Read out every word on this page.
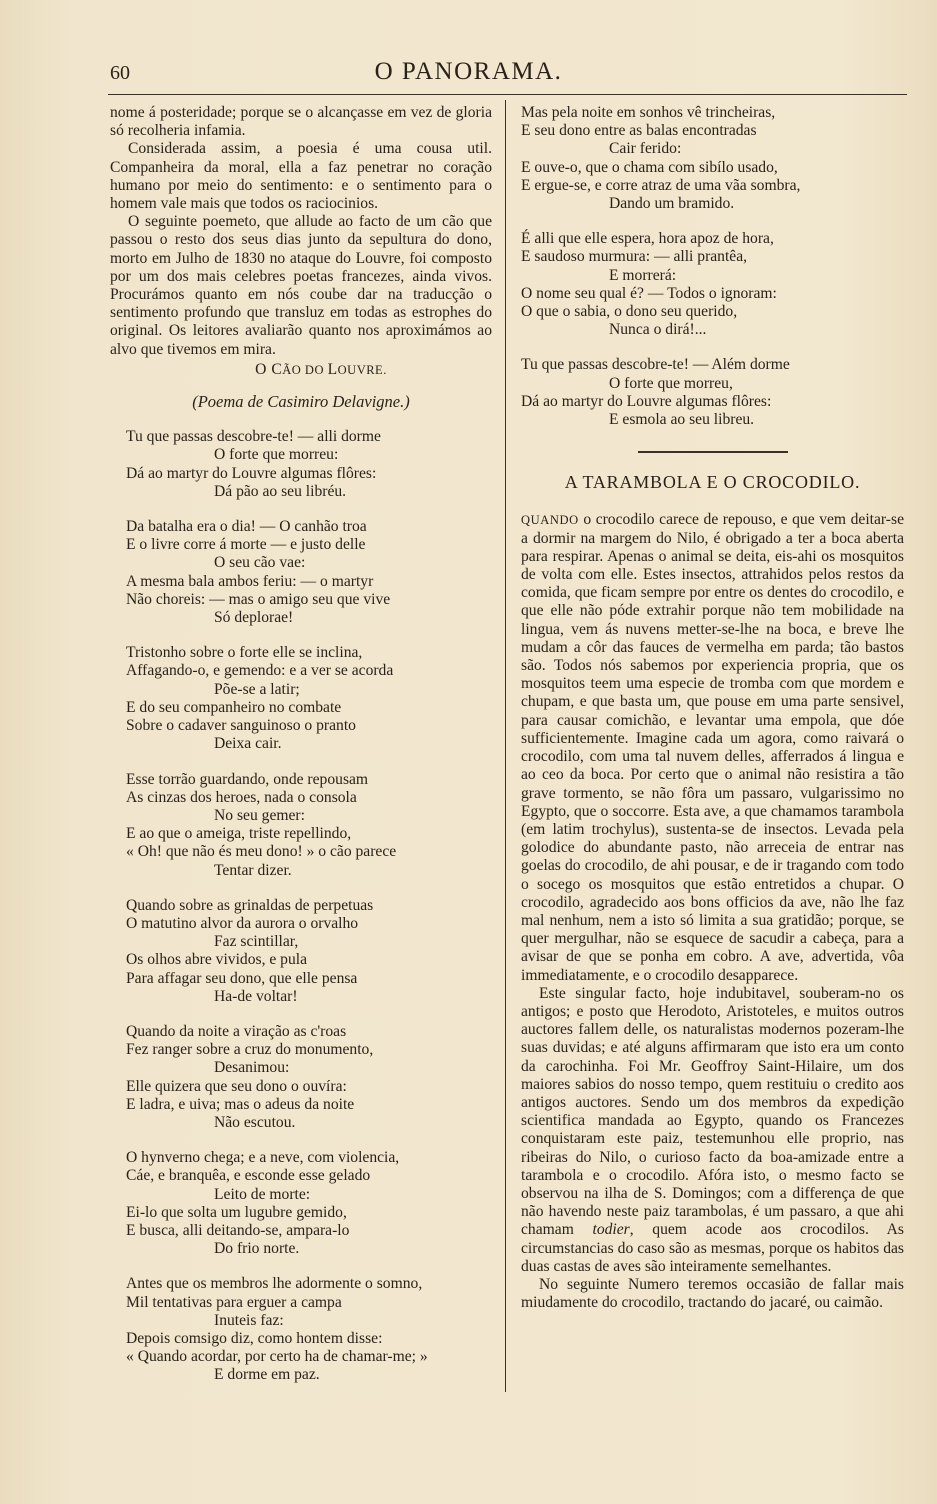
60	O PANORAMA.

nome á posteridade; porque se o alcançasse em vez de gloria só recolheria infamia.

Considerada assim, a poesia é uma cousa util. Companheira da moral, ella a faz penetrar no coração humano por meio do sentimento: e o sentimento para o homem vale mais que todos os raciocinios.

O seguinte poemeto, que allude ao facto de um cão que passou o resto dos seus dias junto da sepultura do dono, morto em Julho de 1830 no ataque do Louvre, foi composto por um dos mais celebres poetas francezes, ainda vivos. Procurámos quanto em nós coube dar na traducção o sentimento profundo que transluz em todas as estrophes do original. Os leitores avaliarão quanto nos aproximámos ao alvo que tivemos em mira.

O CÃO DO LOUVRE.
(Poema de Casimiro Delavigne.)
Tu que passas descobre-te! — alli dorme
O forte que morreu:
Dá ao martyr do Louvre algumas flôres:
Dá pão ao seu libréu.
Da batalha era o dia! — O canhão troa
E o livre corre á morte — e justo delle
O seu cão vae:
A mesma bala ambos feriu: — o martyr
Não choreis: — mas o amigo seu que vive
Só deplorae!
Tristonho sobre o forte elle se inclina,
Affagando-o, e gemendo: e a ver se acorda
Põe-se a latir;
E do seu companheiro no combate
Sobre o cadaver sanguinoso o pranto
Deixa cair.
Esse torrão guardando, onde repousam
As cinzas dos heroes, nada o consola
No seu gemer:
E ao que o ameiga, triste repellindo,
« Oh! que não és meu dono! » o cão parece
Tentar dizer.
Quando sobre as grinaldas de perpetuas
O matutino alvor da aurora o orvalho
Faz scintillar,
Os olhos abre vividos, e pula
Para affagar seu dono, que elle pensa
Ha-de voltar!
Quando da noite a viração as c'roas
Fez ranger sobre a cruz do monumento,
Desanimou:
Elle quizera que seu dono o ouvíra:
E ladra, e uiva; mas o adeus da noite
Não escutou.
O hynverno chega; e a neve, com violencia,
Cáe, e branquêa, e esconde esse gelado
Leito de morte:
Ei-lo que solta um lugubre gemido,
E busca, alli deitando-se, ampara-lo
Do frio norte.
Antes que os membros lhe adormente o somno,
Mil tentativas para erguer a campa
Inuteis faz:
Depois comsigo diz, como hontem disse:
« Quando acordar, por certo ha de chamar-me; »
E dorme em paz.
Mas pela noite em sonhos vê trincheiras,
E seu dono entre as balas encontradas
Cair ferido:
E ouve-o, que o chama com sibílo usado,
E ergue-se, e corre atraz de uma vãa sombra,
Dando um bramido.
É alli que elle espera, hora apoz de hora,
E saudoso murmura: — alli prantêa,
E morrerá:
O nome seu qual é? — Todos o ignoram:
O que o sabia, o dono seu querido,
Nunca o dirá!...
Tu que passas descobre-te! — Além dorme
O forte que morreu,
Dá ao martyr do Louvre algumas flôres:
E esmola ao seu libreu.
A TARAMBOLA E O CROCODILO.

QUANDO o crocodilo carece de repouso, e que vem deitar-se a dormir na margem do Nilo, é obrigado a ter a boca aberta para respirar. Apenas o animal se deita, eis-ahi os mosquitos de volta com elle. Estes insectos, attrahidos pelos restos da comida, que ficam sempre por entre os dentes do crocodilo, e que elle não póde extrahir porque não tem mobilidade na lingua, vem ás nuvens metter-se-lhe na boca, e breve lhe mudam a côr das fauces de vermelha em parda; tão bastos são. Todos nós sabemos por experiencia propria, que os mosquitos teem uma especie de tromba com que mordem e chupam, e que basta um, que pouse em uma parte sensivel, para causar comichão, e levantar uma empola, que dóe sufficientemente. Imagine cada um agora, como raivará o crocodilo, com uma tal nuvem delles, afferrados á lingua e ao ceo da boca. Por certo que o animal não resistira a tão grave tormento, se não fôra um passaro, vulgarissimo no Egypto, que o soccorre. Esta ave, a que chamamos tarambola (em latim trochylus), sustenta-se de insectos. Levada pela golodice do abundante pasto, não arreceia de entrar nas goelas do crocodilo, de ahi pousar, e de ir tragando com todo o socego os mosquitos que estão entretidos a chupar. O crocodilo, agradecido aos bons officios da ave, não lhe faz mal nenhum, nem a isto só limita a sua gratidão; porque, se quer mergulhar, não se esquece de sacudir a cabeça, para a avisar de que se ponha em cobro. A ave, advertida, vôa immediatamente, e o crocodilo desapparece.

Este singular facto, hoje indubitavel, souberam-no os antigos; e posto que Herodoto, Aristoteles, e muitos outros auctores fallem delle, os naturalistas modernos pozeram-lhe suas duvidas; e até alguns affirmaram que isto era um conto da carochinha. Foi Mr. Geoffroy Saint-Hilaire, um dos maiores sabios do nosso tempo, quem restituiu o credito aos antigos auctores. Sendo um dos membros da expedição scientifica mandada ao Egypto, quando os Francezes conquistaram este paiz, testemunhou elle proprio, nas ribeiras do Nilo, o curioso facto da boa-amizade entre a tarambola e o crocodilo. Afóra isto, o mesmo facto se observou na ilha de S. Domingos; com a differença de que não havendo neste paiz tarambolas, é um passaro, a que ahi chamam todier, quem acode aos crocodilos. As circumstancias do caso são as mesmas, porque os habitos das duas castas de aves são inteiramente semelhantes.

No seguinte Numero teremos occasião de fallar mais miudamente do crocodilo, tractando do jacaré, ou caimão.
